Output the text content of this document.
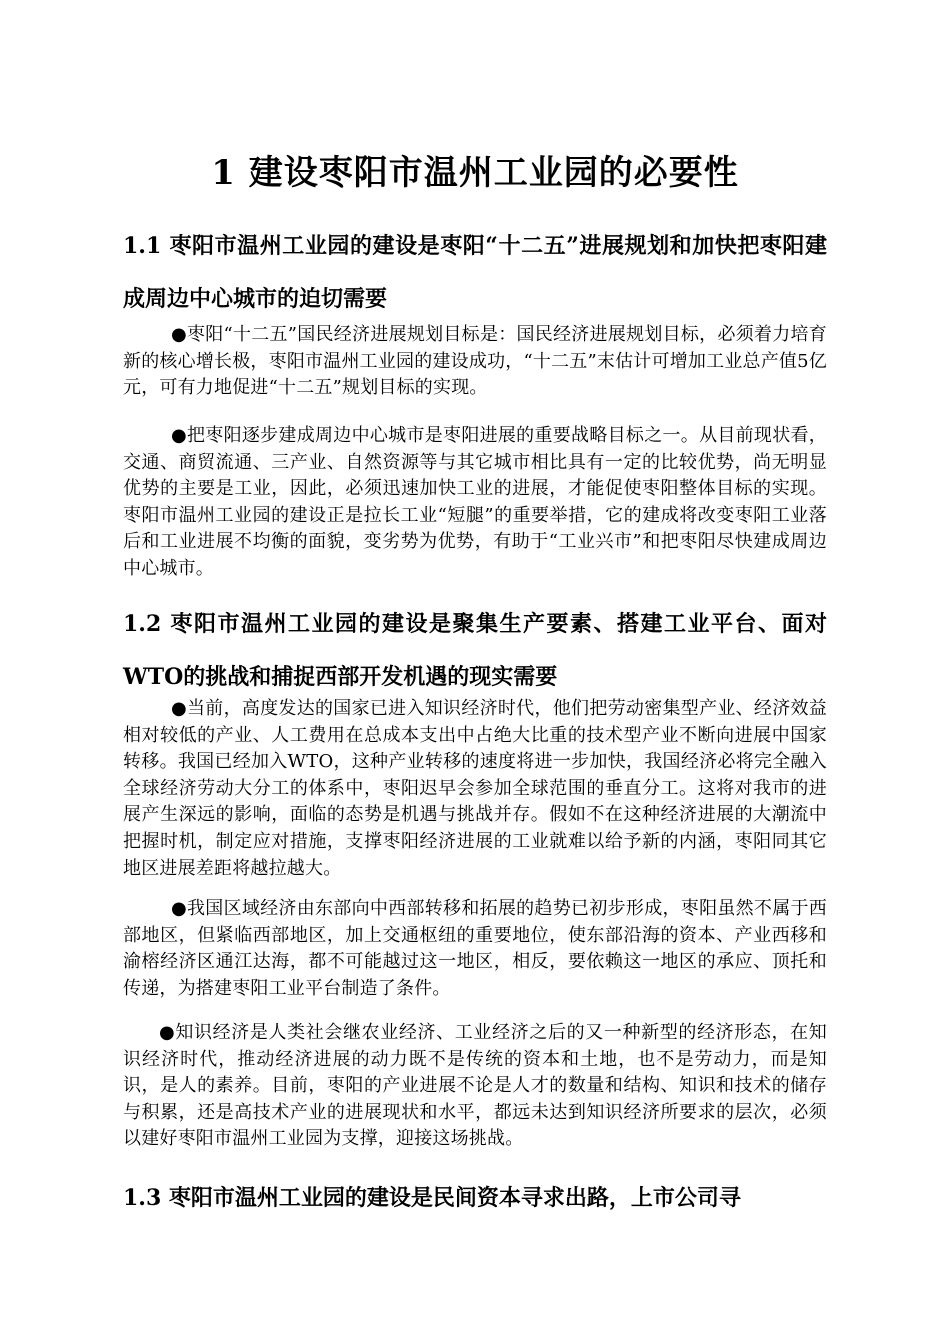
1 建设枣阳市温州工业园的必要性
1.1 枣阳市温州工业园的建设是枣阳“十二五”进展规划和加快把枣阳建成周边中心城市的迫切需要

●枣阳“十二五”国民经济进展规划目标是：国民经济进展规划目标，必须着力培育新的核心增长极，枣阳市温州工业园的建设成功，“十二五”末估计可增加工业总产值5亿元，可有力地促进“十二五”规划目标的实现。

●把枣阳逐步建成周边中心城市是枣阳进展的重要战略目标之一。从目前现状看，交通、商贸流通、三产业、自然资源等与其它城市相比具有一定的比较优势，尚无明显优势的主要是工业，因此，必须迅速加快工业的进展，才能促使枣阳整体目标的实现。枣阳市温州工业园的建设正是拉长工业“短腿”的重要举措，它的建成将改变枣阳工业落后和工业进展不均衡的面貌，变劣势为优势，有助于“工业兴市”和把枣阳尽快建成周边中心城市。

1.2 枣阳市温州工业园的建设是聚集生产要素、搭建工业平台、面对WTO的挑战和捕捉西部开发机遇的现实需要

●当前，高度发达的国家已进入知识经济时代，他们把劳动密集型产业、经济效益相对较低的产业、人工费用在总成本支出中占绝大比重的技术型产业不断向进展中国家转移。我国已经加入WTO，这种产业转移的速度将进一步加快，我国经济必将完全融入全球经济劳动大分工的体系中，枣阳迟早会参加全球范围的垂直分工。这将对我市的进展产生深远的影响，面临的态势是机遇与挑战并存。假如不在这种经济进展的大潮流中把握时机，制定应对措施，支撑枣阳经济进展的工业就难以给予新的内涵，枣阳同其它地区进展差距将越拉越大。

●我国区域经济由东部向中西部转移和拓展的趋势已初步形成，枣阳虽然不属于西部地区，但紧临西部地区，加上交通枢纽的重要地位，使东部沿海的资本、产业西移和渝榕经济区通江达海，都不可能越过这一地区，相反，要依赖这一地区的承应、顶托和传递，为搭建枣阳工业平台制造了条件。

●知识经济是人类社会继农业经济、工业经济之后的又一种新型的经济形态，在知识经济时代，推动经济进展的动力既不是传统的资本和土地，也不是劳动力，而是知识，是人的素养。目前，枣阳的产业进展不论是人才的数量和结构、知识和技术的储存与积累，还是高技术产业的进展现状和水平，都远未达到知识经济所要求的层次，必须以建好枣阳市温州工业园为支撑，迎接这场挑战。

1.3 枣阳市温州工业园的建设是民间资本寻求出路，上市公司寻
